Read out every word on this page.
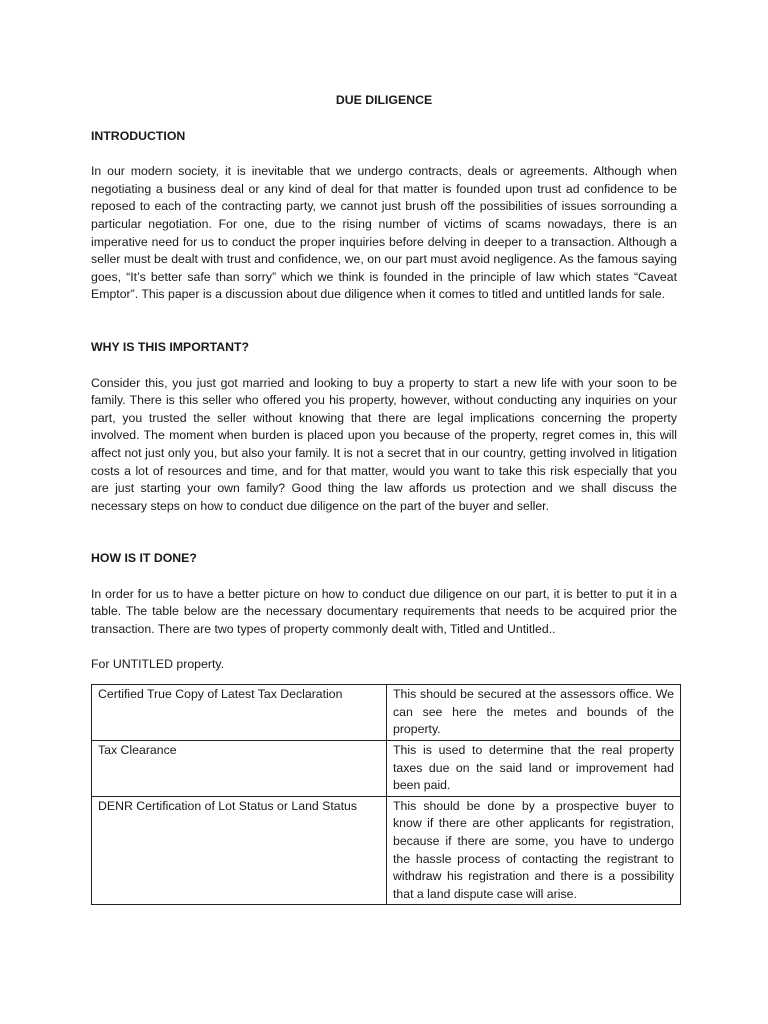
DUE DILIGENCE
INTRODUCTION
In our modern society, it is inevitable that we undergo contracts, deals or agreements. Although when negotiating a business deal or any kind of deal for that matter is founded upon trust ad confidence to be reposed to each of the contracting party, we cannot just brush off the possibilities of issues sorrounding a particular negotiation. For one, due to the rising number of victims of scams nowadays, there is an imperative need for us to conduct the proper inquiries before delving in deeper to a transaction. Although a seller must be dealt with trust and confidence, we, on our part must avoid negligence. As the famous saying goes, “It’s better safe than sorry” which we think is founded in the principle of law which states “Caveat Emptor”. This paper is a discussion about due diligence when it comes to titled and untitled lands for sale.
WHY IS THIS IMPORTANT?
Consider this, you just got married and looking to buy a property to start a new life with your soon to be family. There is this seller who offered you his property, however, without conducting any inquiries on your part, you trusted the seller without knowing that there are legal implications concerning the property involved. The moment when burden is placed upon you because of the property, regret comes in, this will affect not just only you, but also your family. It is not a secret that in our country, getting involved in litigation costs a lot of resources and time, and for that matter, would you want to take this risk especially that you are just starting your own family? Good thing the law affords us protection and we shall discuss the necessary steps on how to conduct due diligence on the part of the buyer and seller.
HOW IS IT DONE?
In order for us to have a better picture on how to conduct due diligence on our part, it is better to put it in a table. The table below are the necessary documentary requirements that needs to be acquired prior the transaction. There are two types of property commonly dealt with, Titled and Untitled..
For UNTITLED property.
Certified True Copy of Latest Tax Declaration	This should be secured at the assessors office. We can see here the metes and bounds of the property.
Tax Clearance	This is used to determine that the real property taxes due on the said land or improvement had been paid.
DENR Certification of Lot Status or Land Status	This should be done by a prospective buyer to know if there are other applicants for registration, because if there are some, you have to undergo the hassle process of contacting the registrant to withdraw his registration and there is a possibility that a land dispute case will arise.
